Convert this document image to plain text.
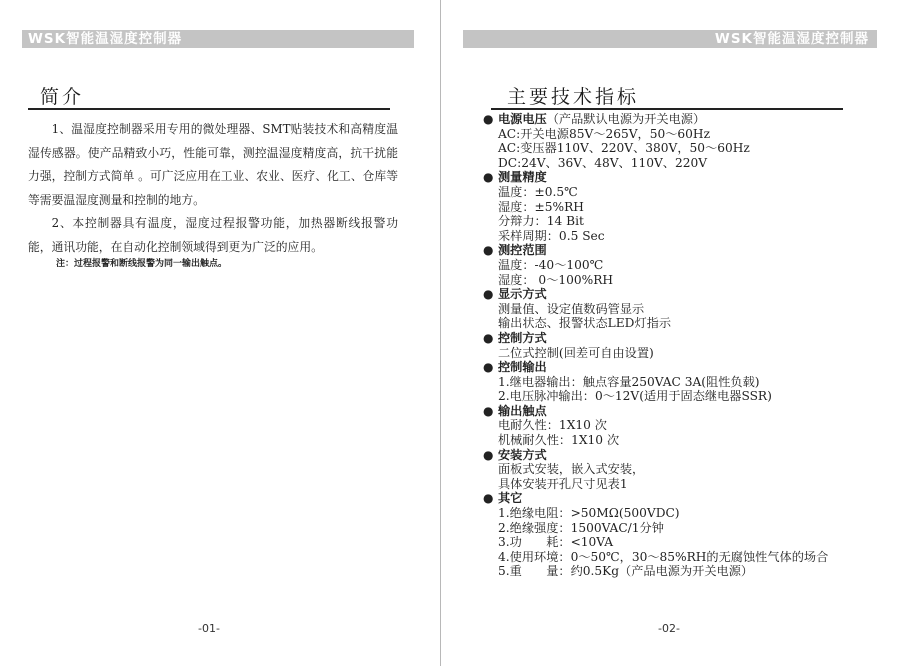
WSK智能温湿度控制器
简介

1、温湿度控制器采用专用的微处理器、SMT贴装技术和高精度温湿传感器。使产品精致小巧，性能可靠，测控温湿度精度高，抗干扰能力强，控制方式简单 。可广泛应用在工业、农业、医疗、化工、仓库等等需要温湿度测量和控制的地方。

2、本控制器具有温度，湿度过程报警功能，加热器断线报警功能，通讯功能，在自动化控制领域得到更为广泛的应用。

注：过程报警和断线报警为同一输出触点。
-01-
WSK智能温湿度控制器
主要技术指标
● 电源电压（产品默认电源为开关电源）
AC:开关电源85V～265V，50～60Hz
AC:变压器110V、220V、380V，50～60Hz
DC:24V、36V、48V、110V、220V
● 测量精度
温度：±0.5℃
湿度：±5%RH
分辩力：14 Bit
采样周期：0.5 Sec
● 测控范围
温度：-40～100℃
湿度： 0～100%RH
● 显示方式
测量值、设定值数码管显示
输出状态、报警状态LED灯指示
● 控制方式
二位式控制(回差可自由设置)
● 控制输出
1.继电器输出：触点容量250VAC 3A(阻性负载)
2.电压脉冲输出：0～12V(适用于固态继电器SSR)
● 输出触点
电耐久性：1X10 次
机械耐久性：1X10 次
● 安装方式
面板式安装，嵌入式安装，
具体安装开孔尺寸见表1
● 其它
1.绝缘电阻：>50MΩ(500VDC)
2.绝缘强度：1500VAC/1分钟
3.功　　耗：<10VA
4.使用环境：0～50℃，30～85%RH的无腐蚀性气体的场合
5.重　　量：约0.5Kg（产品电源为开关电源）
-02-
